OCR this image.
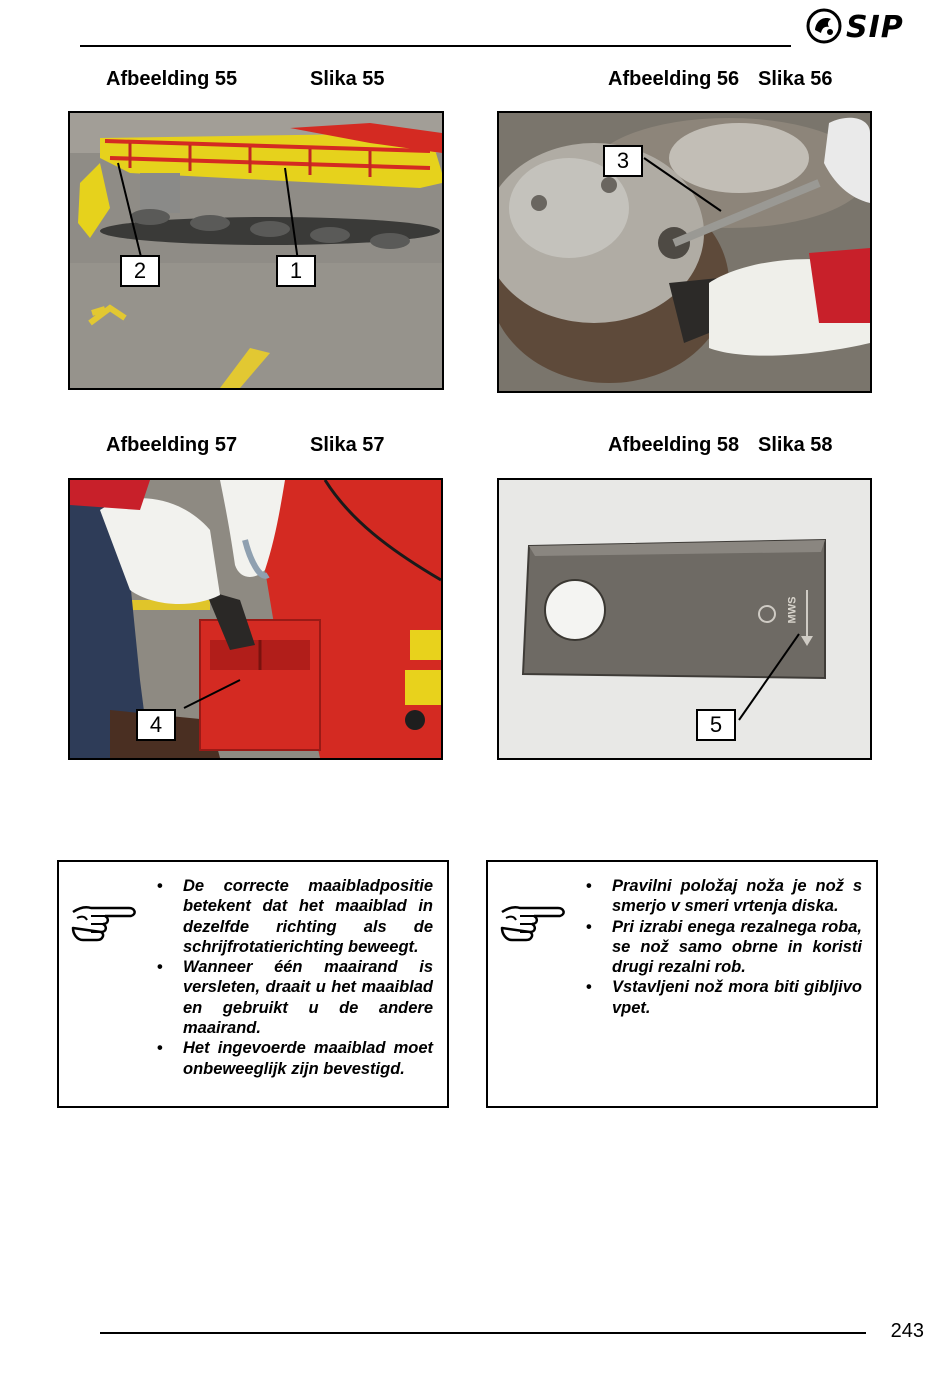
SIP
Afbeelding 55	Slika 55	Afbeelding 56 Slika 56
2	1
3
Afbeelding 57	Slika 57	Afbeelding 58 Slika 58
4
MWS
5
• De correcte maaibladpositie betekent dat het maaiblad in dezelfde richting als de schrijfrotatierichting beweegt.
• Wanneer één maairand is versleten, draait u het maaiblad en gebruikt u de andere maairand.
• Het ingevoerde maaiblad moet onbeweeglijk zijn bevestigd.
• Pravilni položaj noža je nož s smerjo v smeri vrtenja diska.
• Pri izrabi enega rezalnega roba, se nož samo obrne in koristi drugi rezalni rob.
• Vstavljeni nož mora biti gibljivo vpet.
243
